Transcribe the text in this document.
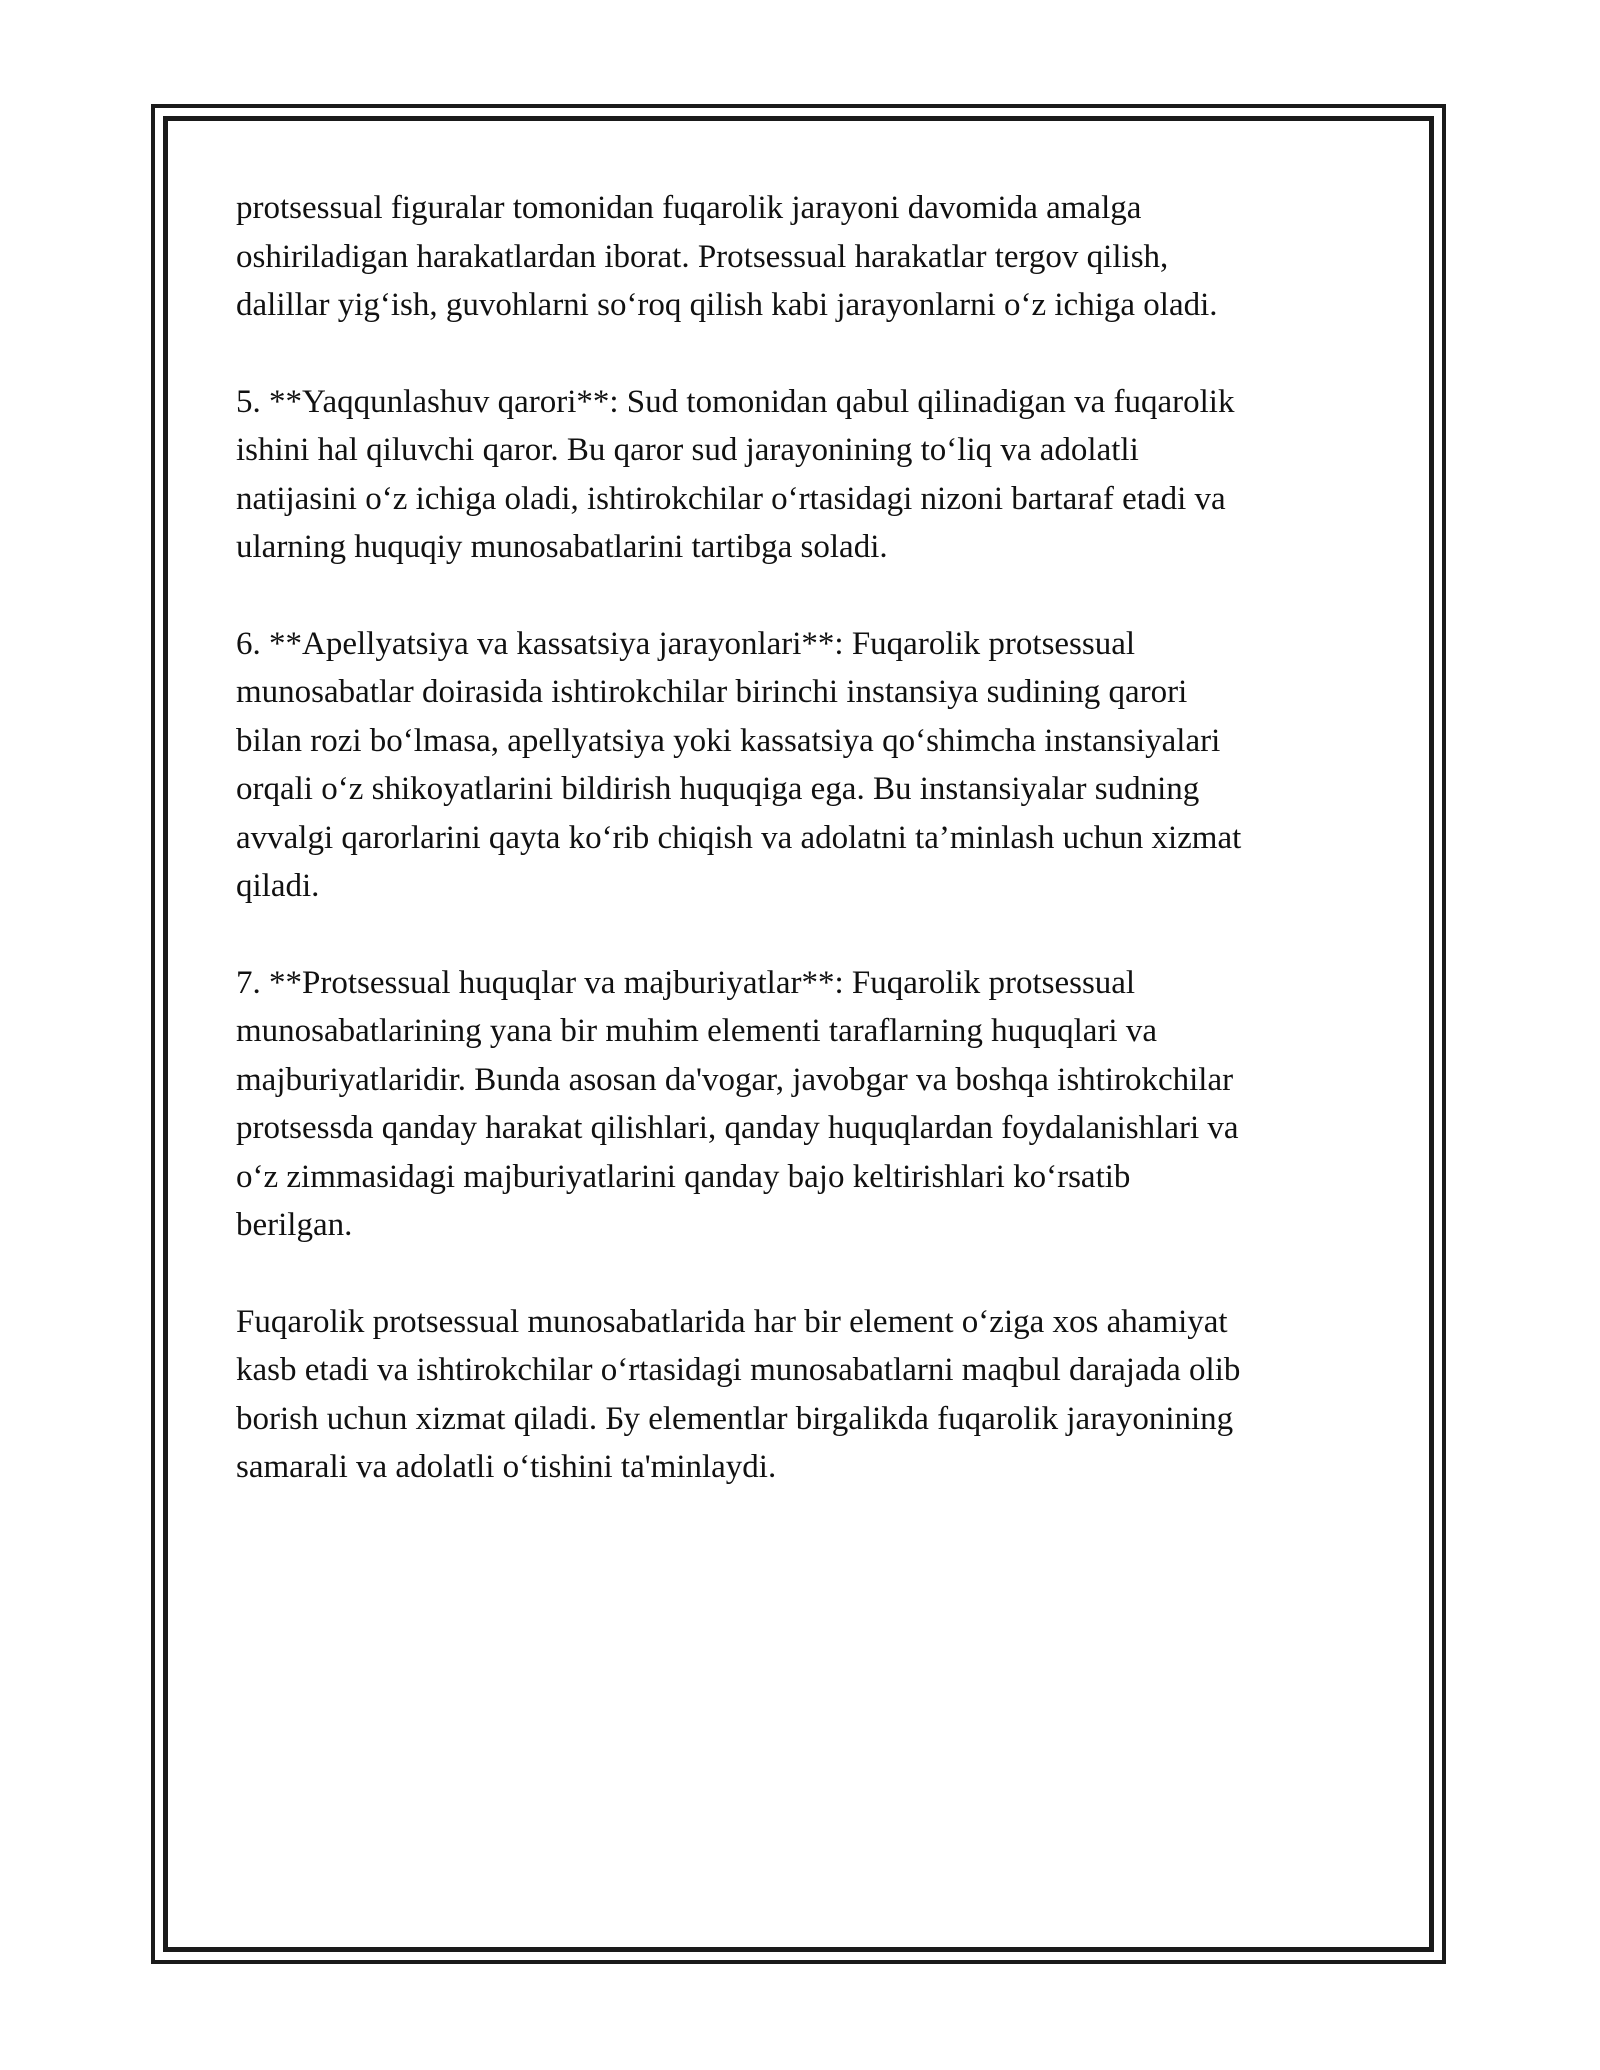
protsessual figuralar tomonidan fuqarolik jarayoni davomida amalga
oshiriladigan harakatlardan iborat. Protsessual harakatlar tergov qilish,
dalillar yig‘ish, guvohlarni so‘roq qilish kabi jarayonlarni o‘z ichiga oladi.

5. **Yaqqunlashuv qarori**: Sud tomonidan qabul qilinadigan va fuqarolik
ishini hal qiluvchi qaror. Bu qaror sud jarayonining to‘liq va adolatli
natijasini o‘z ichiga oladi, ishtirokchilar o‘rtasidagi nizoni bartaraf etadi va
ularning huquqiy munosabatlarini tartibga soladi.

6. **Apellyatsiya va kassatsiya jarayonlari**: Fuqarolik protsessual
munosabatlar doirasida ishtirokchilar birinchi instansiya sudining qarori
bilan rozi bo‘lmasa, apellyatsiya yoki kassatsiya qo‘shimcha instansiyalari
orqali o‘z shikoyatlarini bildirish huquqiga ega. Bu instansiyalar sudning
avvalgi qarorlarini qayta ko‘rib chiqish va adolatni ta’minlash uchun xizmat
qiladi.

7. **Protsessual huquqlar va majburiyatlar**: Fuqarolik protsessual
munosabatlarining yana bir muhim elementi taraflarning huquqlari va
majburiyatlaridir. Bunda asosan da'vogar, javobgar va boshqa ishtirokchilar
protsessda qanday harakat qilishlari, qanday huquqlardan foydalanishlari va
o‘z zimmasidagi majburiyatlarini qanday bajo keltirishlari ko‘rsatib
berilgan.

Fuqarolik protsessual munosabatlarida har bir element o‘ziga xos ahamiyat
kasb etadi va ishtirokchilar o‘rtasidagi munosabatlarni maqbul darajada olib
borish uchun xizmat qiladi. Бу elementlar birgalikda fuqarolik jarayonining
samarali va adolatli o‘tishini ta'minlaydi.
